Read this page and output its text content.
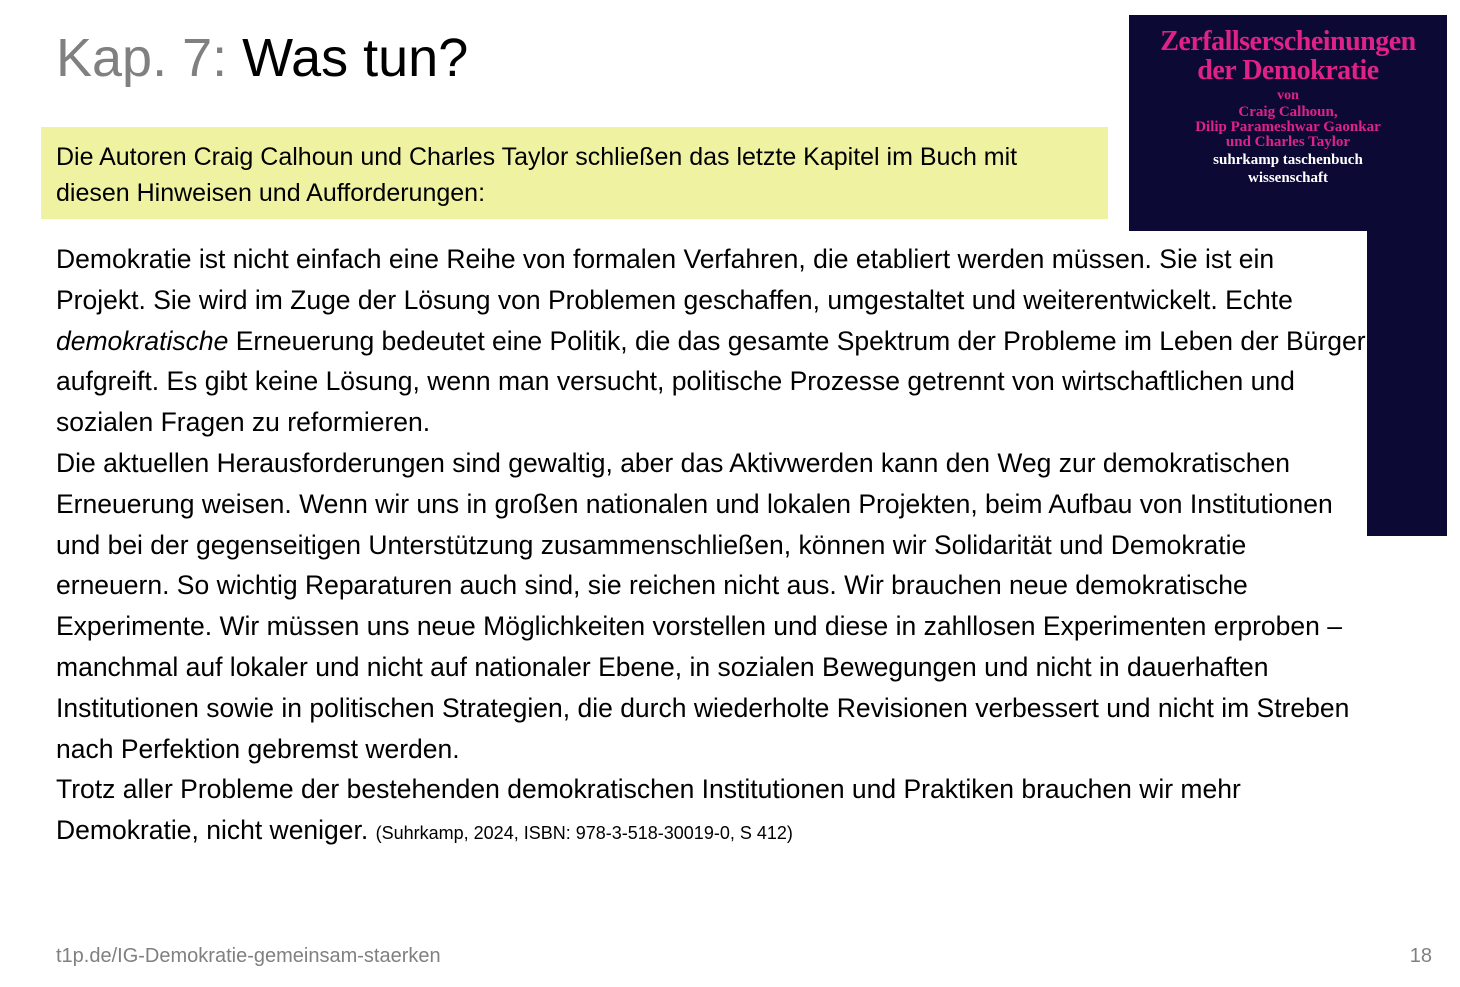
Kap. 7: Was tun?

Die Autoren Craig Calhoun und Charles Taylor schließen das letzte Kapitel im Buch mit diesen Hinweisen und Aufforderungen:

Zerfallserscheinungen
der Demokratie
von
Craig Calhoun,
Dilip Parameshwar Gaonkar
und Charles Taylor
suhrkamp taschenbuch
wissenschaft

Demokratie ist nicht einfach eine Reihe von formalen Verfahren, die etabliert werden müssen. Sie ist ein Projekt. Sie wird im Zuge der Lösung von Problemen geschaffen, umgestaltet und weiterentwickelt. Echte demokratische Erneuerung bedeutet eine Politik, die das gesamte Spektrum der Probleme im Leben der Bürger aufgreift. Es gibt keine Lösung, wenn man versucht, politische Prozesse getrennt von wirtschaftlichen und sozialen Fragen zu reformieren.

Die aktuellen Herausforderungen sind gewaltig, aber das Aktivwerden kann den Weg zur demokratischen Erneuerung weisen. Wenn wir uns in großen nationalen und lokalen Projekten, beim Aufbau von Institutionen und bei der gegenseitigen Unterstützung zusammenschließen, können wir Solidarität und Demokratie erneuern. So wichtig Reparaturen auch sind, sie reichen nicht aus. Wir brauchen neue demokratische Experimente. Wir müssen uns neue Möglichkeiten vorstellen und diese in zahllosen Experimenten erproben – manchmal auf lokaler und nicht auf nationaler Ebene, in sozialen Bewegungen und nicht in dauerhaften Institutionen sowie in politischen Strategien, die durch wiederholte Revisionen verbessert und nicht im Streben nach Perfektion gebremst werden.

Trotz aller Probleme der bestehenden demokratischen Institutionen und Praktiken brauchen wir mehr Demokratie, nicht weniger. (Suhrkamp, 2024, ISBN: 978-3-518-30019-0, S 412)

t1p.de/IG-Demokratie-gemeinsam-staerken	18
